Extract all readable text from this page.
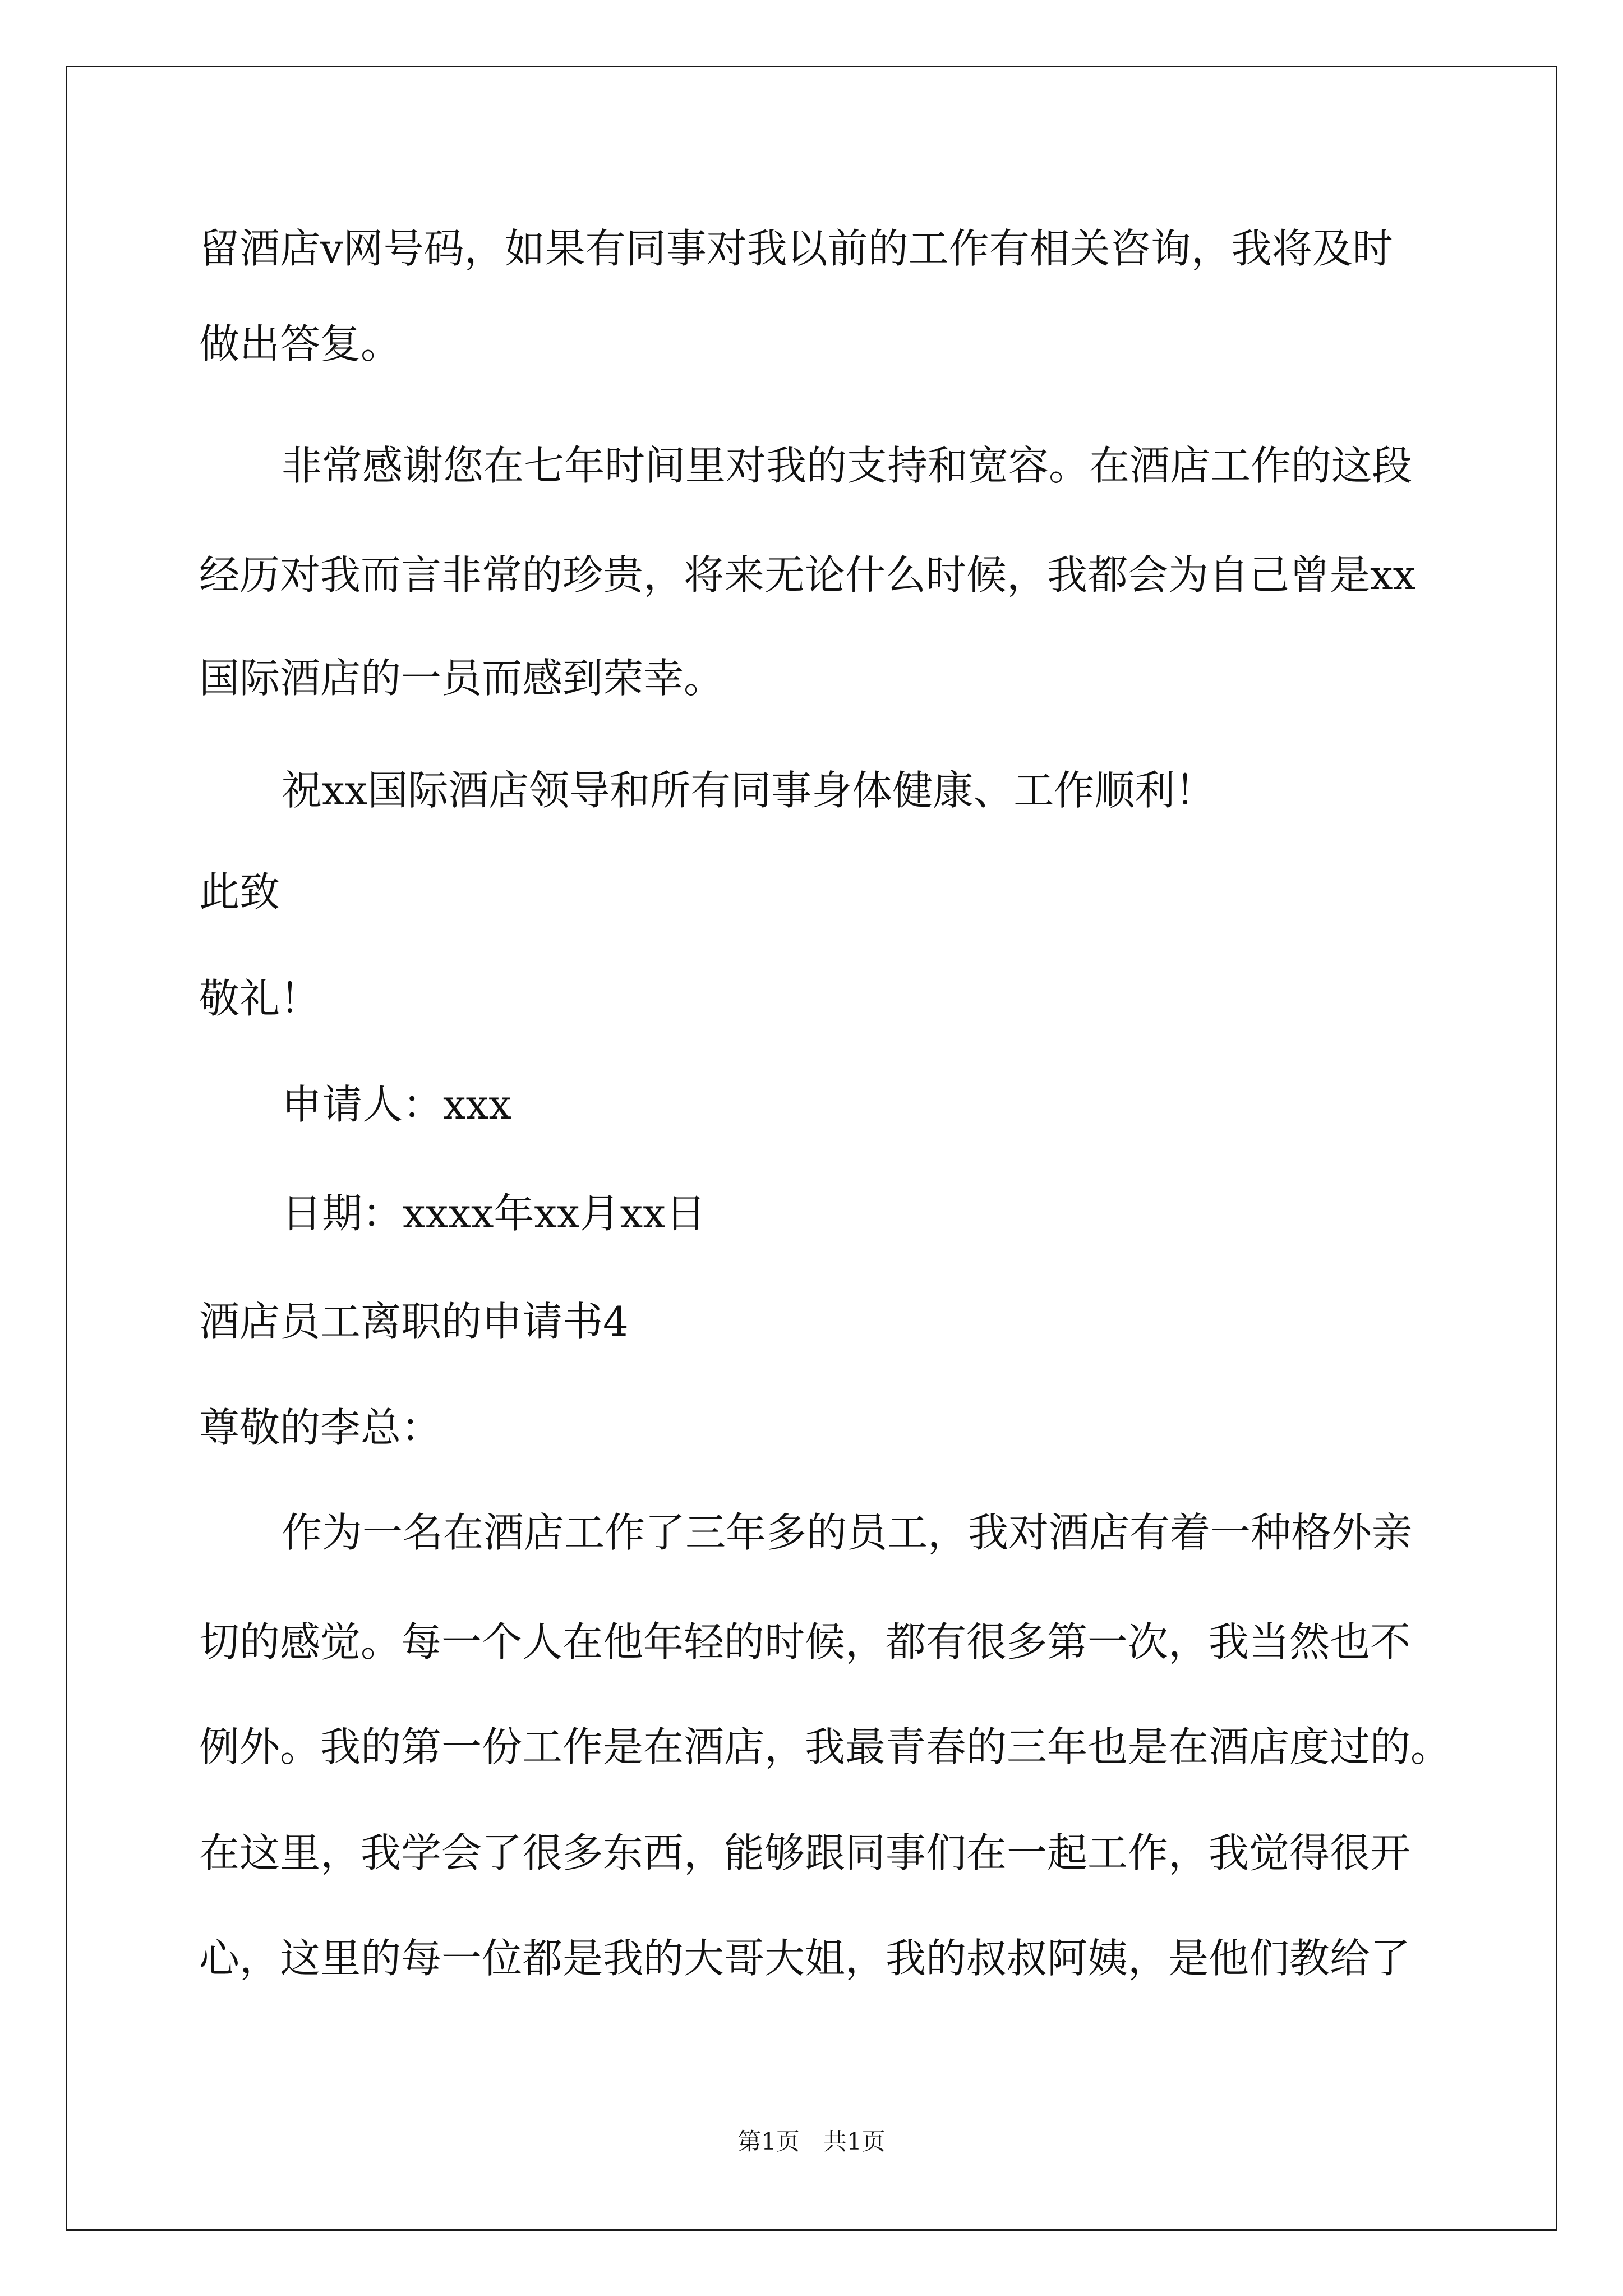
留酒店v网号码，如果有同事对我以前的工作有相关咨询，我将及时
做出答复。
非常感谢您在七年时间里对我的支持和宽容。在酒店工作的这段
经历对我而言非常的珍贵，将来无论什么时候，我都会为自己曾是xx
国际酒店的一员而感到荣幸。
祝xx国际酒店领导和所有同事身体健康、工作顺利！
此致
敬礼！
申请人：xxx
日期：xxxx年xx月xx日
酒店员工离职的申请书4
尊敬的李总：
作为一名在酒店工作了三年多的员工，我对酒店有着一种格外亲
切的感觉。每一个人在他年轻的时候，都有很多第一次，我当然也不
例外。我的第一份工作是在酒店，我最青春的三年也是在酒店度过的。
在这里，我学会了很多东西，能够跟同事们在一起工作，我觉得很开
心，这里的每一位都是我的大哥大姐，我的叔叔阿姨，是他们教给了
第1页　共1页
